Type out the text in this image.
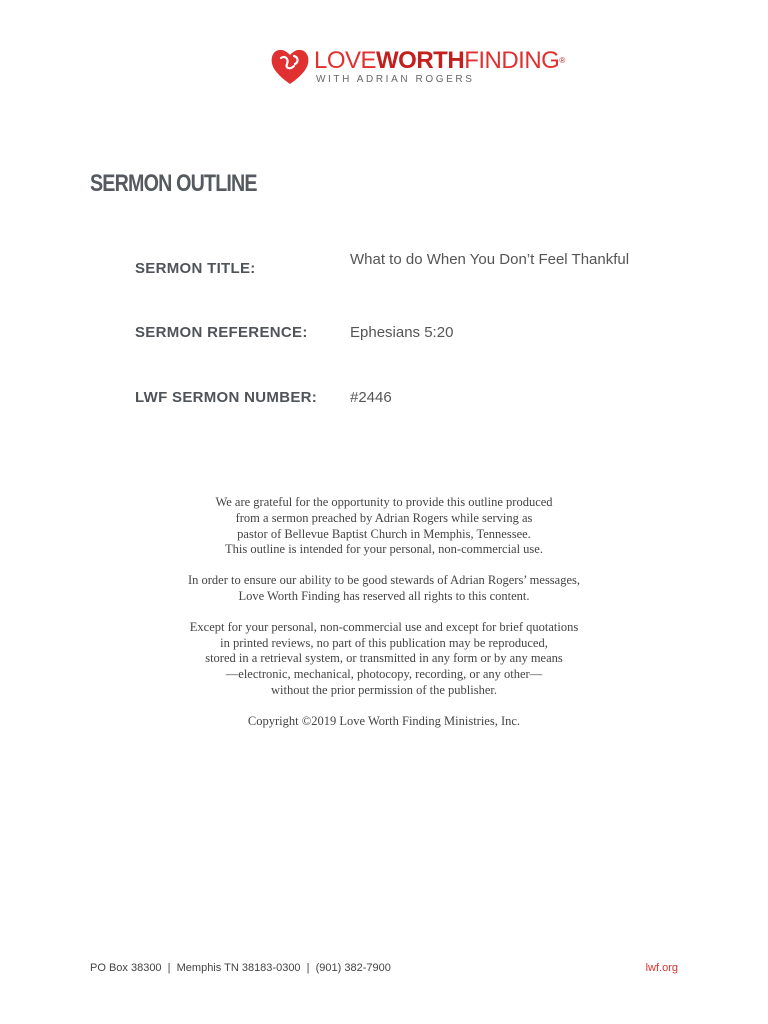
LOVEWORTHFINDING®
WITH ADRIAN ROGERS
SERMON OUTLINE
SERMON TITLE:
What to do When You Don’t Feel Thankful
SERMON REFERENCE:	Ephesians 5:20
LWF SERMON NUMBER: #2446

We are grateful for the opportunity to provide this outline produced
from a sermon preached by Adrian Rogers while serving as
pastor of Bellevue Baptist Church in Memphis, Tennessee.
This outline is intended for your personal, non-commercial use.

In order to ensure our ability to be good stewards of Adrian Rogers’ messages,
Love Worth Finding has reserved all rights to this content.

Except for your personal, non-commercial use and except for brief quotations
in printed reviews, no part of this publication may be reproduced,
stored in a retrieval system, or transmitted in any form or by any means
—electronic, mechanical, photocopy, recording, or any other—
without the prior permission of the publisher.

Copyright ©2019 Love Worth Finding Ministries, Inc.

PO Box 38300  |  Memphis TN 38183-0300  |  (901) 382-7900	lwf.org
